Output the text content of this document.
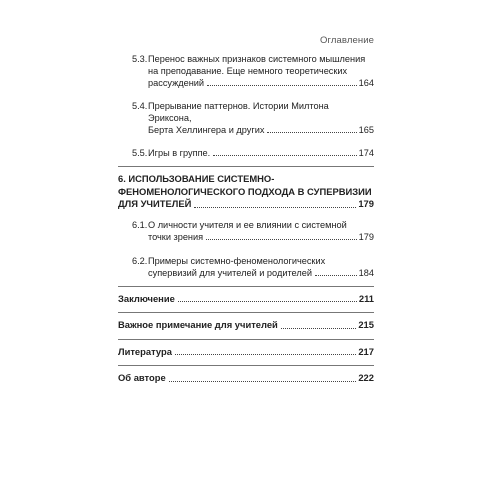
Оглавление
5.3. Перенос важных признаков системного мышления
на преподавание. Еще немного теоретических
рассуждений	164
5.4. Прерывание паттернов. Истории Милтона Эриксона,
Берта Хеллингера и других	165
5.5. Игры в группе.	174
6. ИСПОЛЬЗОВАНИЕ СИСТЕМНО-
ФЕНОМЕНОЛОГИЧЕСКОГО ПОДХОДА В СУПЕРВИЗИИ
ДЛЯ УЧИТЕЛЕЙ	179
6.1. О личности учителя и ее влиянии с системной
точки зрения	179
6.2. Примеры системно-феноменологических
супервизий для учителей и родителей	184
Заключение	211
Важное примечание для учителей	215
Литература	217
Об авторе	222
